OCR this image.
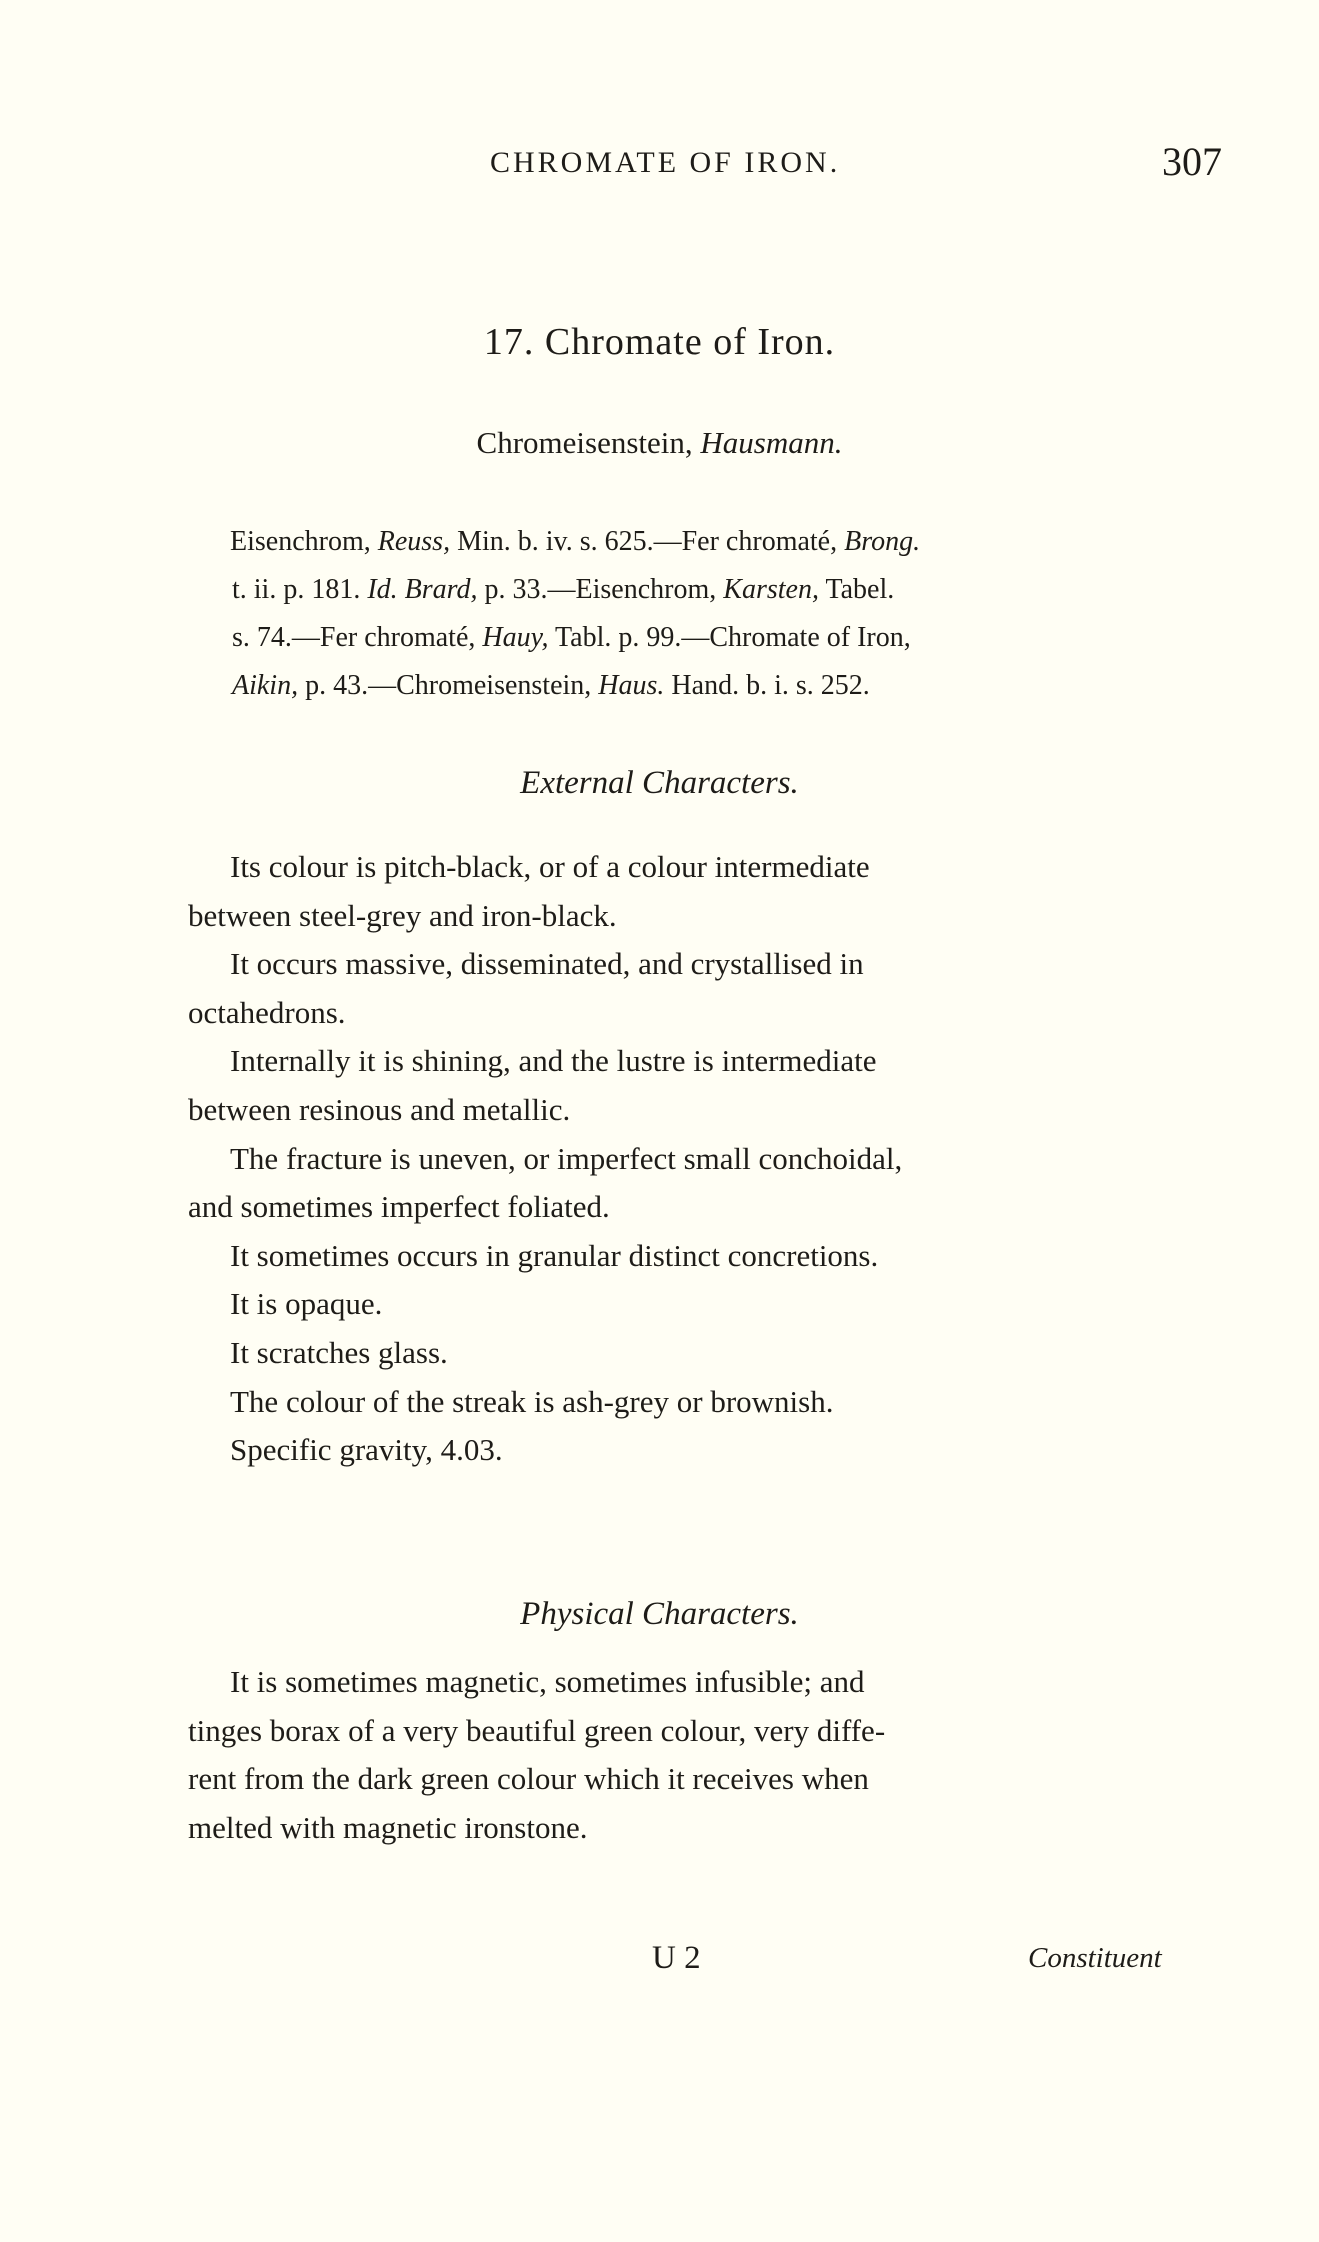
CHROMATE OF IRON.	307
17. Chromate of Iron.
Chromeisenstein, Hausmann.
Eisenchrom, Reuss, Min. b. iv. s. 625.—Fer chromaté, Brong.
t. ii. p. 181. Id. Brard, p. 33.—Eisenchrom, Karsten, Tabel.
s. 74.—Fer chromaté, Hauy, Tabl. p. 99.—Chromate of Iron,
Aikin, p. 43.—Chromeisenstein, Haus. Hand. b. i. s. 252.
External Characters.
Its colour is pitch-black, or of a colour intermediate
between steel-grey and iron-black.
It occurs massive, disseminated, and crystallised in
octahedrons.
Internally it is shining, and the lustre is intermediate
between resinous and metallic.
The fracture is uneven, or imperfect small conchoidal,
and sometimes imperfect foliated.
It sometimes occurs in granular distinct concretions.
It is opaque.
It scratches glass.
The colour of the streak is ash-grey or brownish.
Specific gravity, 4.03.
Physical Characters.
It is sometimes magnetic, sometimes infusible; and
tinges borax of a very beautiful green colour, very diffe-
rent from the dark green colour which it receives when
melted with magnetic ironstone.
U 2	Constituent
